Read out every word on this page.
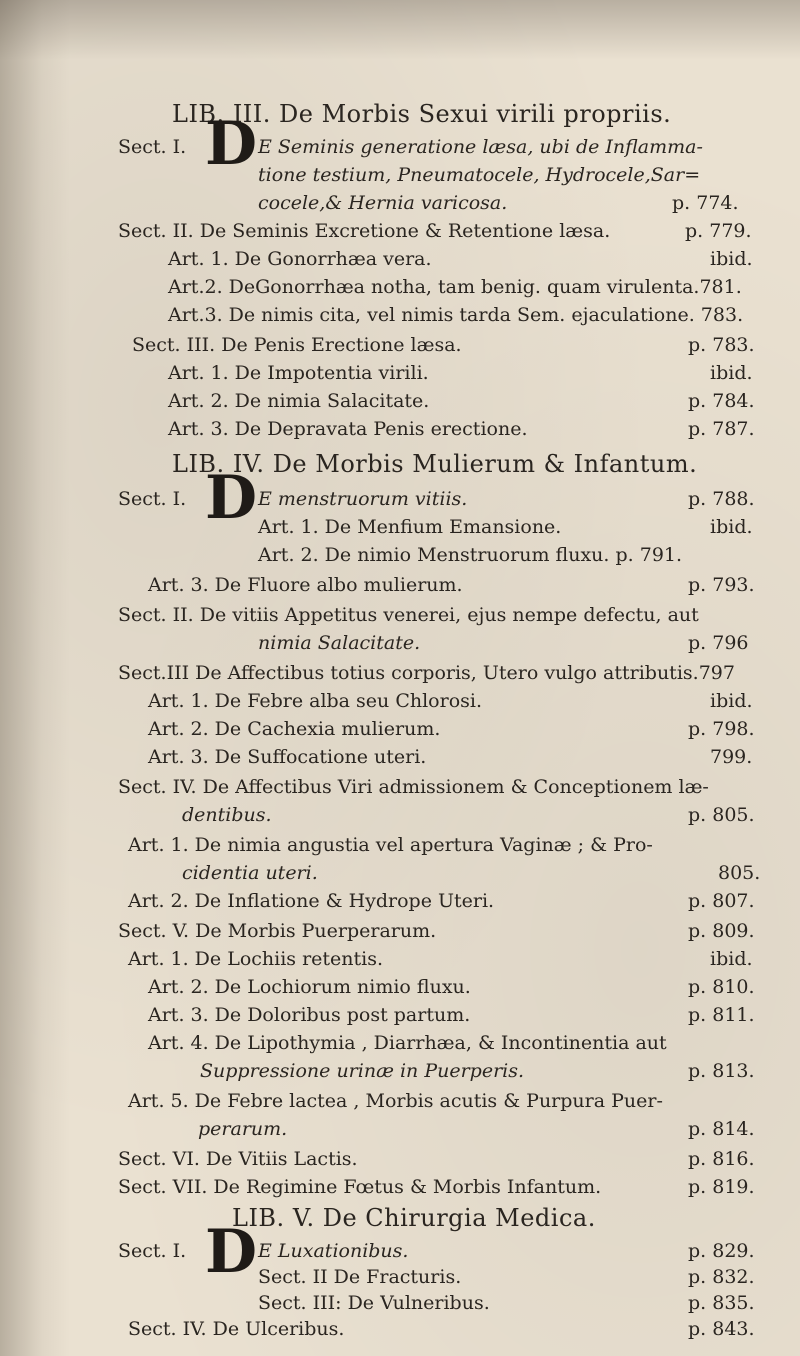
LIB. III. De Morbis Sexui virili propriis.
Sect. I. D E Seminis generatione læsa, ubi de Inflamma-
tione testium, Pneumatocele, Hydrocele,Sar=
cocele,& Hernia varicosa.	p. 774.
Sect. II. De Seminis Excretione & Retentione læsa.	p. 779.
Art. 1. De Gonorrhæa vera.	ibid.
Art.2. DeGonorrhæa notha, tam benig. quam virulenta.781.
Art.3. De nimis cita, vel nimis tarda Sem. ejaculatione. 783.
Sect. III. De Penis Erectione læsa.	p. 783.
Art. 1. De Impotentia virili.	ibid.
Art. 2. De nimia Salacitate.	p. 784.
Art. 3. De Depravata Penis erectione.	p. 787.
LIB. IV. De Morbis Mulierum & Infantum.
Sect. I. D E menstruorum vitiis.	p. 788.
Art. 1. De Menfium Emansione.	ibid.
Art. 2. De nimio Menstruorum fluxu. p. 791.
Art. 3. De Fluore albo mulierum.	p. 793.
Sect. II. De vitiis Appetitus venerei, ejus nempe defectu, aut
nimia Salacitate.	p. 796
Sect.III De Affectibus totius corporis, Utero vulgo attributis.797
Art. 1. De Febre alba seu Chlorosi.	ibid.
Art. 2. De Cachexia mulierum.	p. 798.
Art. 3. De Suffocatione uteri.	799.
Sect. IV. De Affectibus Viri admissionem & Conceptionem læ-
dentibus.	p. 805.
Art. 1. De nimia angustia vel apertura Vaginæ ; & Pro-
cidentia uteri.	805.
Art. 2. De Inflatione & Hydrope Uteri.	p. 807.
Sect. V. De Morbis Puerperarum.	p. 809.
Art. 1. De Lochiis retentis.	ibid.
Art. 2. De Lochiorum nimio fluxu.	p. 810.
Art. 3. De Doloribus post partum.	p. 811.
Art. 4. De Lipothymia , Diarrhæa, & Incontinentia aut
Suppressione urinæ in Puerperis.	p. 813.
Art. 5. De Febre lactea , Morbis acutis & Purpura Puer-
perarum.	p. 814.
Sect. VI. De Vitiis Lactis.	p. 816.
Sect. VII. De Regimine Fœtus & Morbis Infantum.	p. 819.
LIB. V. De Chirurgia Medica.
Sect. I. D E Luxationibus.	p. 829.
Sect. II De Fracturis.	p. 832.
Sect. III: De Vulneribus.	p. 835.
Sect. IV. De Ulceribus.	p. 843.
